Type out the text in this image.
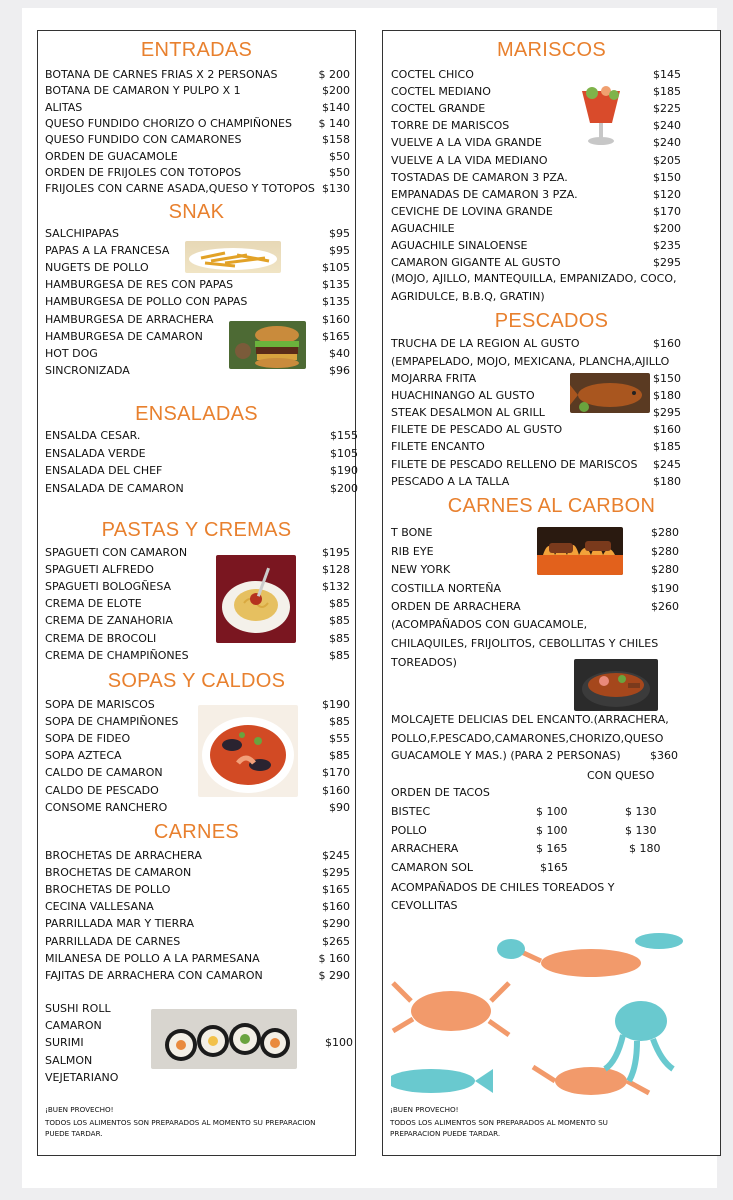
ENTRADAS
BOTANA DE CARNES FRIAS X 2 PERSONAS	$ 200
BOTANA DE CAMARON Y PULPO X 1	$200
ALITAS	$140
QUESO FUNDIDO CHORIZO O CHAMPIÑONES $ 140
QUESO FUNDIDO CON CAMARONES	$158
ORDEN DE GUACAMOLE	$50
ORDEN DE FRIJOLES CON TOTOPOS	$50
FRIJOLES CON CARNE ASADA,QUESO Y TOTOPOS $130
SNAK
SALCHIPAPAS	$95
PAPAS A LA FRANCESA	$95
NUGETS DE POLLO	$105
HAMBURGESA DE RES CON PAPAS	$135
HAMBURGESA DE POLLO CON PAPAS	$135
HAMBURGESA DE ARRACHERA	$160
HAMBURGESA DE CAMARON	$165
HOT DOG	$40
SINCRONIZADA	$96
ENSALADAS
ENSALDA CESAR.	$155
ENSALADA VERDE	$105
ENSALADA DEL CHEF	$190
ENSALADA DE CAMARON	$200
PASTAS Y CREMAS
SPAGUETI CON CAMARON	$195
SPAGUETI ALFREDO	$128
SPAGUETI BOLOGÑESA	$132
CREMA DE ELOTE	$85
CREMA DE ZANAHORIA	$85
CREMA DE BROCOLI	$85
CREMA DE CHAMPIÑONES	$85
SOPAS Y CALDOS
SOPA DE MARISCOS	$190
SOPA DE CHAMPIÑONES	$85
SOPA DE FIDEO	$55
SOPA AZTECA	$85
CALDO DE CAMARON	$170
CALDO DE PESCADO	$160
CONSOME RANCHERO	$90
CARNES
BROCHETAS DE ARRACHERA	$245
BROCHETAS DE CAMARON	$295
BROCHETAS DE POLLO	$165
CECINA VALLESANA	$160
PARRILLADA MAR Y TIERRA	$290
PARRILLADA DE CARNES	$265
MILANESA DE POLLO A LA PARMESANA	$ 160
FAJITAS DE ARRACHERA CON CAMARON	$ 290
SUSHI ROLL
CAMARON
SURIMI
SALMON
VEJETARIANO
$100
¡BUEN PROVECHO!
TODOS LOS ALIMENTOS SON PREPARADOS AL MOMENTO SU PREPARACION
PUEDE TARDAR.
MARISCOS
COCTEL CHICO	$145
COCTEL MEDIANO	$185
COCTEL GRANDE	$225
TORRE DE MARISCOS	$240
VUELVE A LA VIDA GRANDE	$240
VUELVE A LA VIDA MEDIANO	$205
TOSTADAS DE CAMARON 3 PZA.	$150
EMPANADAS DE CAMARON 3 PZA.	$120
CEVICHE DE LOVINA GRANDE	$170
AGUACHILE	$200
AGUACHILE SINALOENSE	$235
CAMARON GIGANTE AL GUSTO	$295
(MOJO, AJILLO, MANTEQUILLA, EMPANIZADO, COCO,
AGRIDULCE, B.B.Q, GRATIN)
PESCADOS
TRUCHA DE LA REGION AL GUSTO	$160
(EMPAPELADO, MOJO, MEXICANA, PLANCHA,AJILLO
MOJARRA FRITA	$150
HUACHINANGO AL GUSTO	$180
STEAK DESALMON AL GRILL	$295
FILETE DE PESCADO AL GUSTO	$160
FILETE ENCANTO	$185
FILETE DE PESCADO RELLENO DE MARISCOS $245
PESCADO A LA TALLA	$180
CARNES AL CARBON
T BONE	$280
RIB EYE	$280
NEW YORK	$280
COSTILLA NORTEÑA	$190
ORDEN DE ARRACHERA	$260
(ACOMPAÑADOS CON GUACAMOLE,
CHILAQUILES, FRIJOLITOS, CEBOLLITAS Y CHILES
TOREADOS)
MOLCAJETE DELICIAS DEL ENCANTO.(ARRACHERA,
POLLO,F.PESCADO,CAMARONES,CHORIZO,QUESO
GUACAMOLE Y MAS.) (PARA 2 PERSONAS)	$360
CON QUESO
ORDEN DE TACOS
BISTEC	$ 100	$ 130
POLLO	$ 100	$ 130
ARRACHERA	$ 165	$ 180
CAMARON SOL	$165
ACOMPAÑADOS DE CHILES TOREADOS Y
CEVOLLITAS
¡BUEN PROVECHO!
TODOS LOS ALIMENTOS SON PREPARADOS AL MOMENTO SU
PREPARACION PUEDE TARDAR.
